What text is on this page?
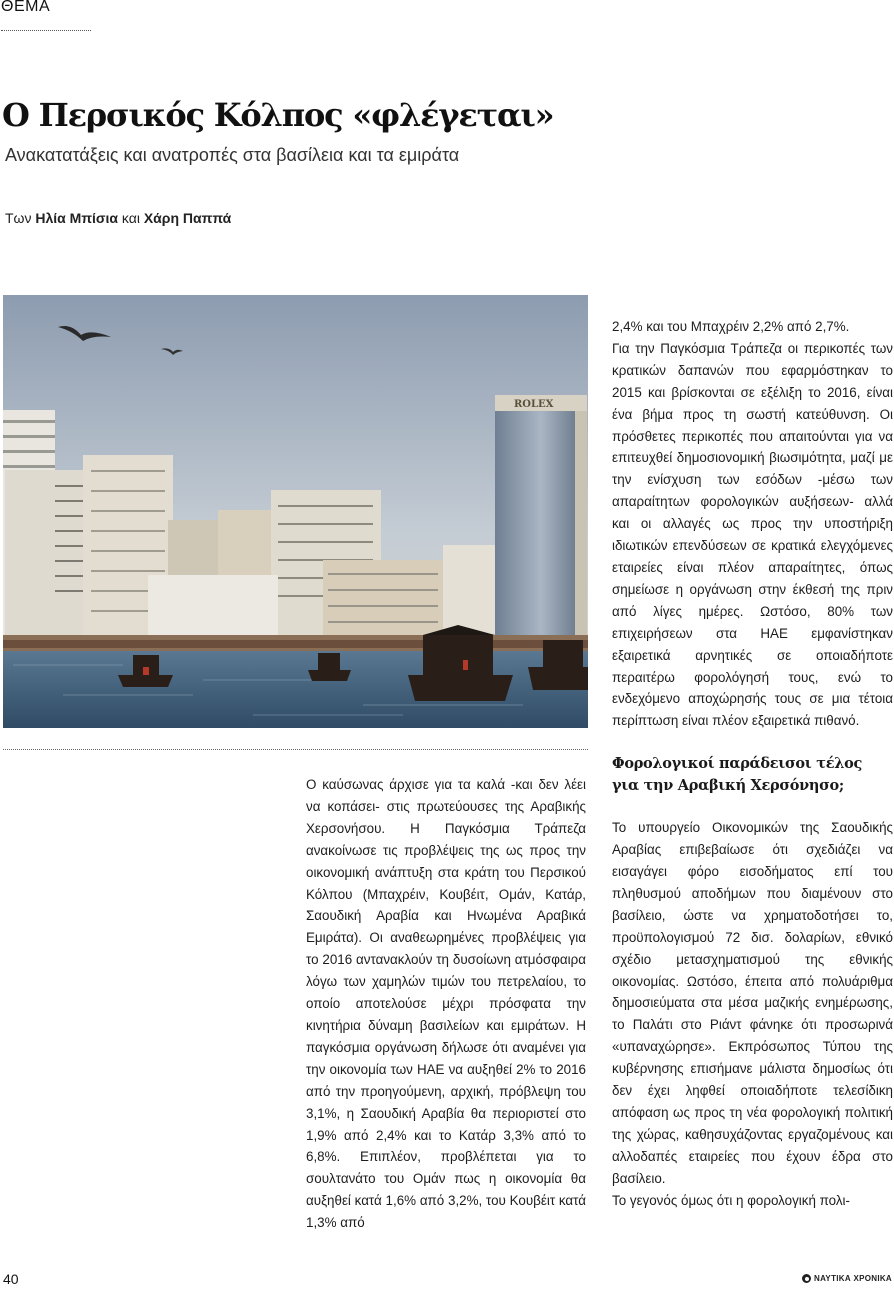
ΘΕΜΑ
Ο Περσικός Κόλπος «φλέγεται»
Ανακατατάξεις και ανατροπές στα βασίλεια και τα εμιράτα
Των Ηλία Μπίσια και Χάρη Παππά
ROLEX

Ο καύσωνας άρχισε για τα καλά -και δεν λέει να κοπάσει- στις πρωτεύουσες της Αραβικής Χερσονήσου. Η Παγκόσμια Τράπεζα ανακοίνωσε τις προβλέψεις της ως προς την οικονομική ανάπτυξη στα κράτη του Περσικού Κόλπου (Μπαχρέιν, Κουβέιτ, Ομάν, Κατάρ, Σαουδική Αραβία και Ηνωμένα Αραβικά Εμιράτα). Οι αναθεωρημένες προβλέψεις για το 2016 αντανακλούν τη δυσοίωνη ατμόσφαιρα λόγω των χαμηλών τιμών του πετρελαίου, το οποίο αποτελούσε μέχρι πρόσφατα την κινητήρια δύναμη βασιλείων και εμιράτων. Η παγκόσμια οργάνωση δήλωσε ότι αναμένει για την οικονομία των ΗΑΕ να αυξηθεί 2% το 2016 από την προηγούμενη, αρχική, πρόβλεψη του 3,1%, η Σαουδική Αραβία θα περιοριστεί στο 1,9% από 2,4% και το Κατάρ 3,3% από το 6,8%. Επιπλέον, προβλέπεται για το σουλτανάτο του Ομάν πως η οικονομία θα αυξηθεί κατά 1,6% από 3,2%, του Κουβέιτ κατά 1,3% από

2,4% και του Μπαχρέιν 2,2% από 2,7%.

Για την Παγκόσμια Τράπεζα οι περικοπές των κρατικών δαπανών που εφαρμόστηκαν το 2015 και βρίσκονται σε εξέλιξη το 2016, είναι ένα βήμα προς τη σωστή κατεύθυνση. Οι πρόσθετες περικοπές που απαιτούνται για να επιτευχθεί δημοσιονομική βιωσιμότητα, μαζί με την ενίσχυση των εσόδων -μέσω των απαραίτητων φορολογικών αυξήσεων- αλλά και οι αλλαγές ως προς την υποστήριξη ιδιωτικών επενδύσεων σε κρατικά ελεγχόμενες εταιρείες είναι πλέον απαραίτητες, όπως σημείωσε η οργάνωση στην έκθεσή της πριν από λίγες ημέρες. Ωστόσο, 80% των επιχειρήσεων στα ΗΑΕ εμφανίστηκαν εξαιρετικά αρνητικές σε οποιαδήποτε περαιτέρω φορολόγησή τους, ενώ το ενδεχόμενο αποχώρησής τους σε μια τέτοια περίπτωση είναι πλέον εξαιρετικά πιθανό.

Φορολογικοί παράδεισοι τέλος για την Αραβική Χερσόνησο;

Το υπουργείο Οικονομικών της Σαουδικής Αραβίας επιβεβαίωσε ότι σχεδιάζει να εισαγάγει φόρο εισοδήματος επί του πληθυσμού αποδήμων που διαμένουν στο βασίλειο, ώστε να χρηματοδοτήσει το, προϋπολογισμού 72 δισ. δολαρίων, εθνικό σχέδιο μετασχηματισμού της εθνικής οικονομίας. Ωστόσο, έπειτα από πολυάριθμα δημοσιεύματα στα μέσα μαζικής ενημέρωσης, το Παλάτι στο Ριάντ φάνηκε ότι προσωρινά «υπαναχώρησε». Εκπρόσωπος Τύπου της κυβέρνησης επισήμανε μάλιστα δημοσίως ότι δεν έχει ληφθεί οποιαδήποτε τελεσίδικη απόφαση ως προς τη νέα φορολογική πολιτική της χώρας, καθησυχάζοντας εργαζομένους και αλλοδαπές εταιρείες που έχουν έδρα στο βασίλειο.

Το γεγονός όμως ότι η φορολογική πολι-

40	ΝΑΥΤΙΚΑ ΧΡΟΝΙΚΑ
